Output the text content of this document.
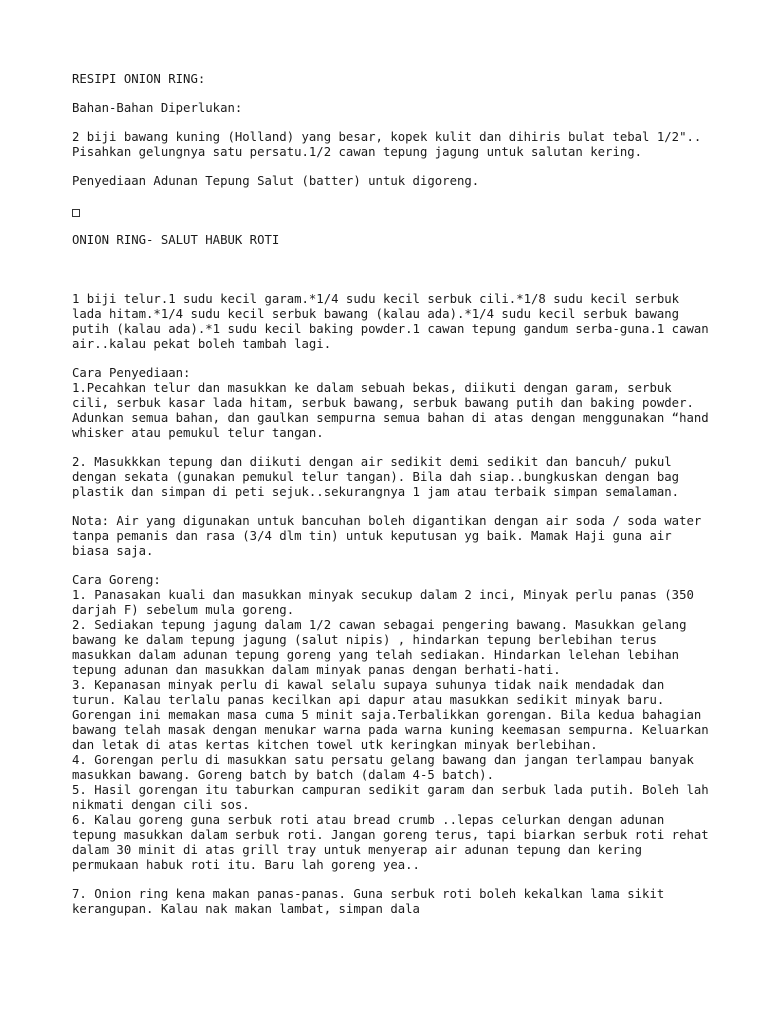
RESIPI ONION RING:

Bahan-Bahan Diperlukan:

2 biji bawang kuning (Holland) yang besar, kopek kulit dan dihiris bulat tebal 1/2".. Pisahkan gelungnya satu persatu.1/2 cawan tepung jagung untuk salutan kering.

Penyediaan Adunan Tepung Salut (batter) untuk digoreng.

ONION RING- SALUT HABUK ROTI

1 biji telur.1 sudu kecil garam.*1/4 sudu kecil serbuk cili.*1/8 sudu kecil serbuk lada hitam.*1/4 sudu kecil serbuk bawang (kalau ada).*1/4 sudu kecil serbuk bawang putih (kalau ada).*1 sudu kecil baking powder.1 cawan tepung gandum serba-guna.1 cawan air..kalau pekat boleh tambah lagi.

Cara Penyediaan:

1.Pecahkan telur dan masukkan ke dalam sebuah bekas, diikuti dengan garam, serbuk cili, serbuk kasar lada hitam, serbuk bawang, serbuk bawang putih dan baking powder. Adunkan semua bahan, dan gaulkan sempurna semua bahan di atas dengan menggunakan “hand whisker atau pemukul telur tangan.

2. Masukkkan tepung dan diikuti dengan air sedikit demi sedikit dan bancuh/ pukul dengan sekata (gunakan pemukul telur tangan). Bila dah siap..bungkuskan dengan bag plastik dan simpan di peti sejuk..sekurangnya 1 jam atau terbaik simpan semalaman.

Nota: Air yang digunakan untuk bancuhan boleh digantikan dengan air soda / soda water tanpa pemanis dan rasa (3/4 dlm tin) untuk keputusan yg baik. Mamak Haji guna air biasa saja.

Cara Goreng:

1. Panasakan kuali dan masukkan minyak secukup dalam 2 inci, Minyak perlu panas (350 darjah F) sebelum mula goreng.

2. Sediakan tepung jagung dalam 1/2 cawan sebagai pengering bawang. Masukkan gelang bawang ke dalam tepung jagung (salut nipis) , hindarkan tepung berlebihan terus masukkan dalam adunan tepung goreng yang telah sediakan. Hindarkan lelehan lebihan tepung adunan dan masukkan dalam minyak panas dengan berhati-hati.

3. Kepanasan minyak perlu di kawal selalu supaya suhunya tidak naik mendadak dan turun. Kalau terlalu panas kecilkan api dapur atau masukkan sedikit minyak baru. Gorengan ini memakan masa cuma 5 minit saja.Terbalikkan gorengan. Bila kedua bahagian bawang telah masak dengan menukar warna pada warna kuning keemasan sempurna. Keluarkan dan letak di atas kertas kitchen towel utk keringkan minyak berlebihan.

4. Gorengan perlu di masukkan satu persatu gelang bawang dan jangan terlampau banyak masukkan bawang. Goreng batch by batch (dalam 4-5 batch).

5. Hasil gorengan itu taburkan campuran sedikit garam dan serbuk lada putih. Boleh lah nikmati dengan cili sos.

6. Kalau goreng guna serbuk roti atau bread crumb ..lepas celurkan dengan adunan tepung masukkan dalam serbuk roti. Jangan goreng terus, tapi biarkan serbuk roti rehat dalam 30 minit di atas grill tray untuk menyerap air adunan tepung dan kering permukaan habuk roti itu. Baru lah goreng yea..

7. Onion ring kena makan panas-panas. Guna serbuk roti boleh kekalkan lama sikit kerangupan. Kalau nak makan lambat, simpan dala
